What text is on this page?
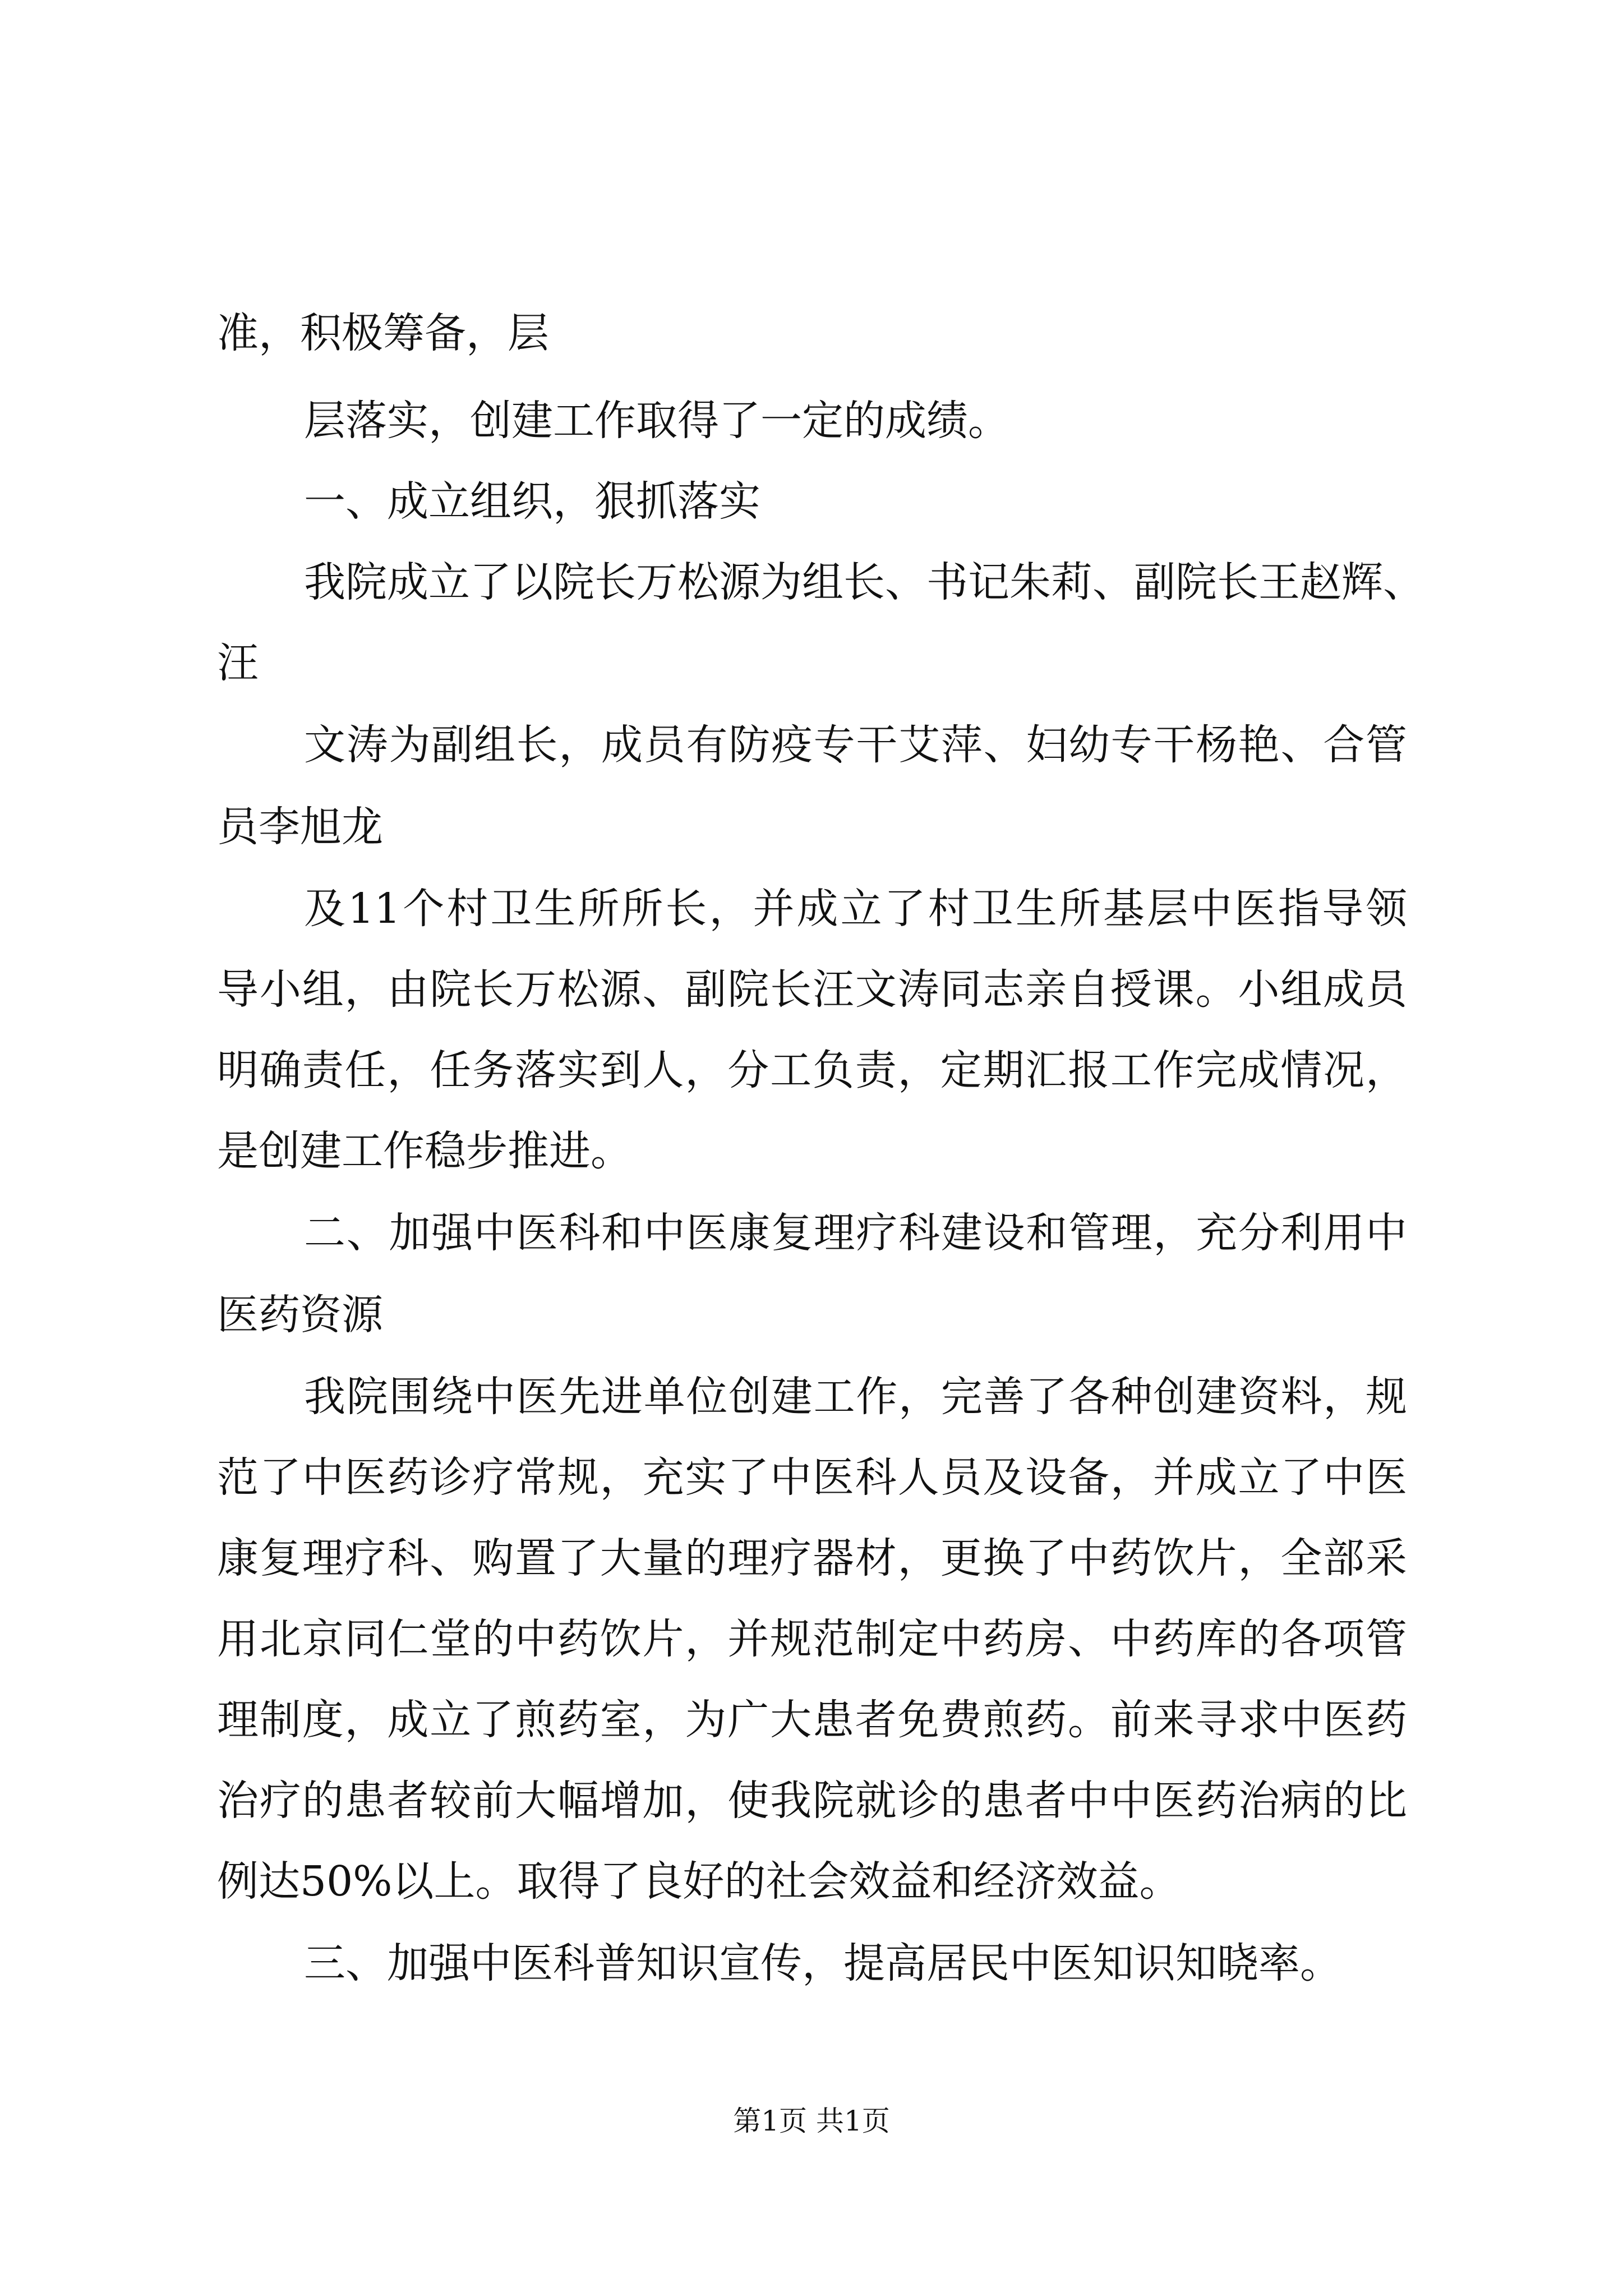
准，积极筹备，层
层落实，创建工作取得了一定的成绩。
一、成立组织，狠抓落实
我院成立了以院长万松源为组长、书记朱莉、副院长王赵辉、
汪
文涛为副组长，成员有防疫专干艾萍、妇幼专干杨艳、合管
员李旭龙
及11个村卫生所所长，并成立了村卫生所基层中医指导领
导小组，由院长万松源、副院长汪文涛同志亲自授课。小组成员
明确责任，任务落实到人，分工负责，定期汇报工作完成情况，
是创建工作稳步推进。
二、加强中医科和中医康复理疗科建设和管理，充分利用中
医药资源
我院围绕中医先进单位创建工作，完善了各种创建资料，规
范了中医药诊疗常规，充实了中医科人员及设备，并成立了中医
康复理疗科、购置了大量的理疗器材，更换了中药饮片，全部采
用北京同仁堂的中药饮片，并规范制定中药房、中药库的各项管
理制度，成立了煎药室，为广大患者免费煎药。前来寻求中医药
治疗的患者较前大幅增加，使我院就诊的患者中中医药治病的比
例达50%以上。取得了良好的社会效益和经济效益。
三、加强中医科普知识宣传，提高居民中医知识知晓率。
第1页 共1页
